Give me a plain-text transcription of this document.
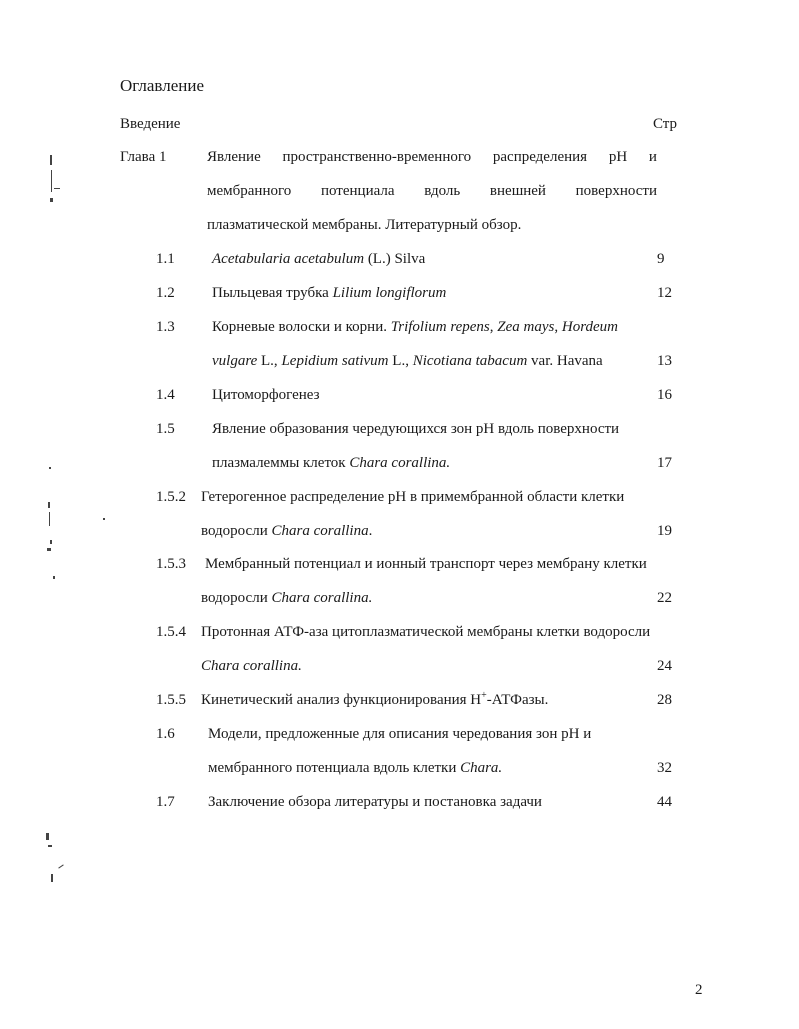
Оглавление
Введение	Стр
Глава 1	Явление пространственно-временного распределения pH и
мембранного потенциала вдоль внешней поверхности
плазматической мембраны. Литературный обзор.
1.1 Acetabularia acetabulum (L.) Silva	9
1.2 Пыльцевая трубка Lilium longiflorum	12
1.3 Корневые волоски и корни. Trifolium repens, Zea mays, Hordeum
vulgare L., Lepidium sativum L., Nicotiana tabacum var. Havana	13
1.4 Цитоморфогенез	16
1.5 Явление образования чередующихся зон pH вдоль поверхности
плазмалеммы клеток Chara corallina.	17
1.5.2 Гетерогенное распределение pH в примембранной области клетки
водоросли Chara corallina.	19
1.5.3 Мембранный потенциал и ионный транспорт через мембрану клетки
водоросли Chara corallina.	22
1.5.4 Протонная АТФ-аза цитоплазматической мембраны клетки водоросли
Chara corallina.	24
1.5.5 Кинетический анализ функционирования H+-АТФазы.	28
1.6 Модели, предложенные для описания чередования зон pH и
мембранного потенциала вдоль клетки Chara.	32
1.7 Заключение обзора литературы и постановка задачи	44
2
